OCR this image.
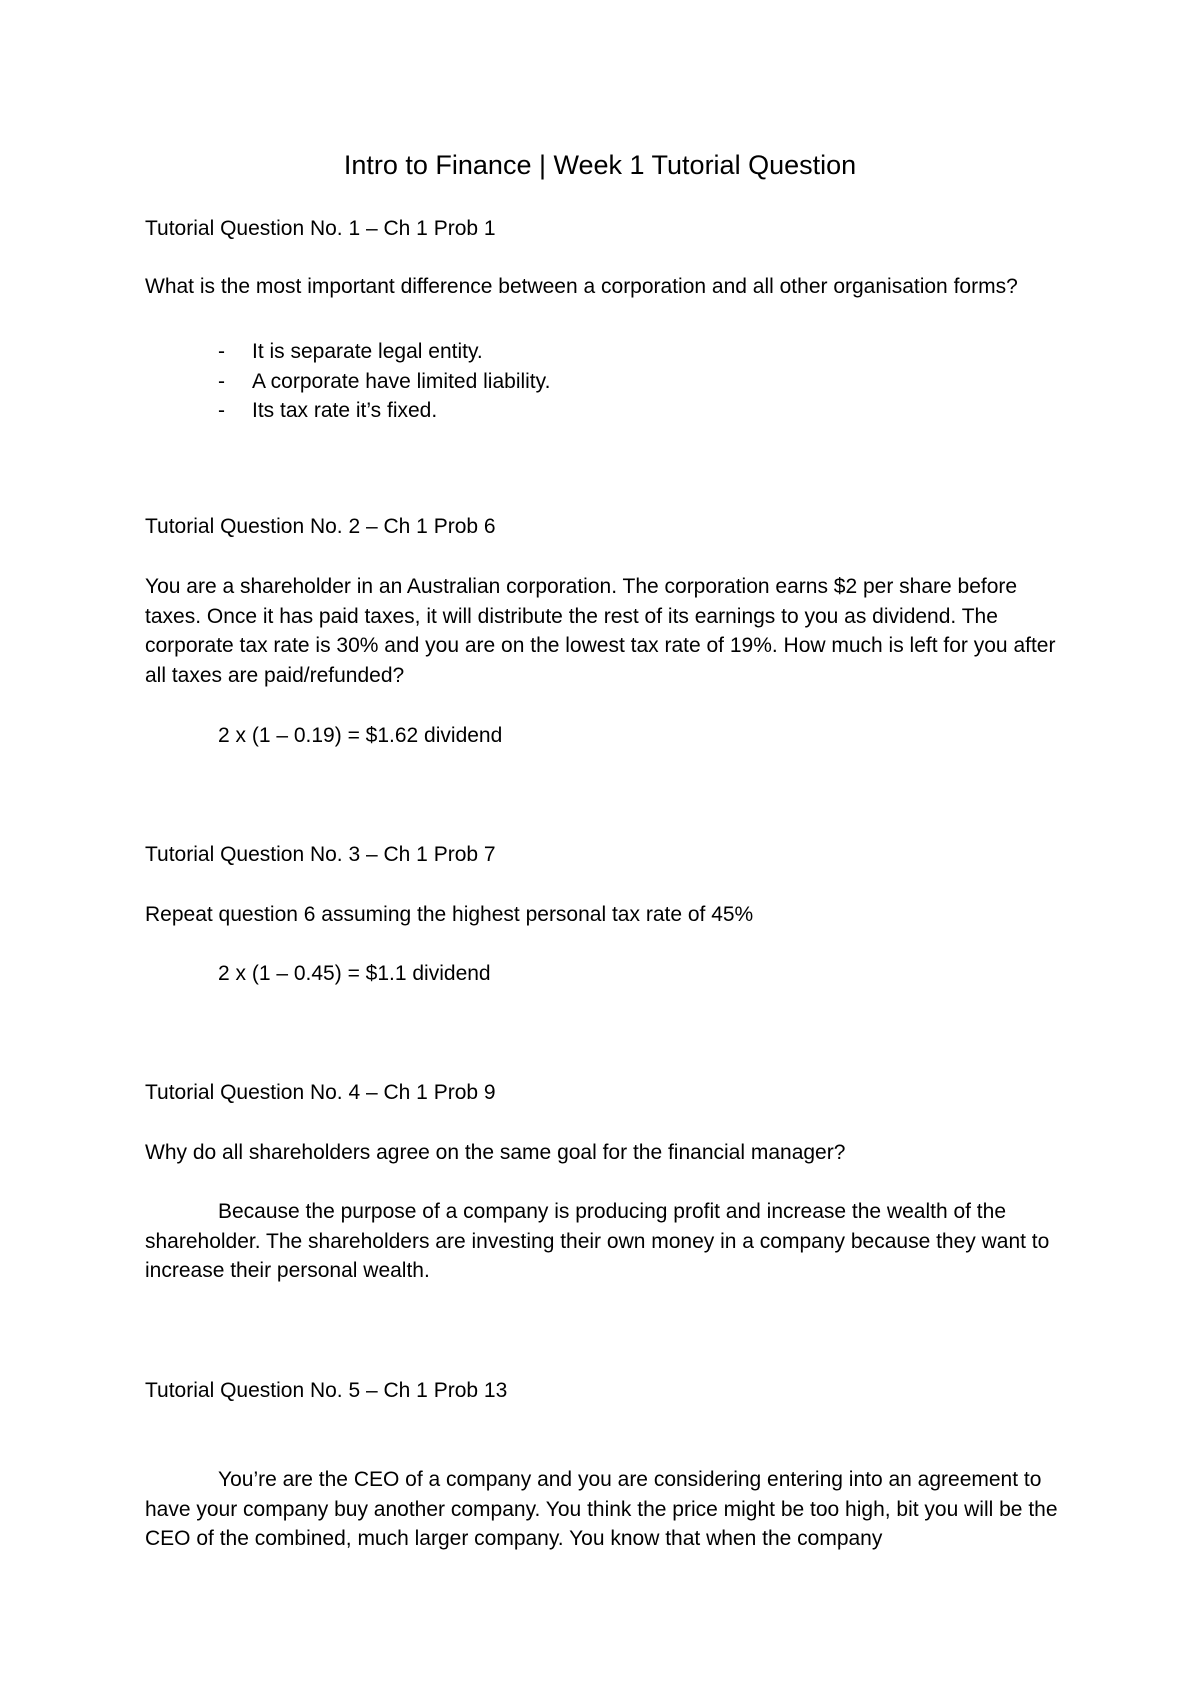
Intro to Finance | Week 1 Tutorial Question

Tutorial Question No. 1 – Ch 1 Prob 1

What is the most important difference between a corporation and all other organisation forms?

- It is separate legal entity.
- A corporate have limited liability.
- Its tax rate it’s fixed.

Tutorial Question No. 2 – Ch 1 Prob 6

You are a shareholder in an Australian corporation. The corporation earns $2 per share before taxes. Once it has paid taxes, it will distribute the rest of its earnings to you as dividend. The corporate tax rate is 30% and you are on the lowest tax rate of 19%. How much is left for you after all taxes are paid/refunded?

2 x (1 – 0.19) = $1.62 dividend

Tutorial Question No. 3 – Ch 1 Prob 7

Repeat question 6 assuming the highest personal tax rate of 45%

2 x (1 – 0.45) = $1.1 dividend

Tutorial Question No. 4 – Ch 1 Prob 9

Why do all shareholders agree on the same goal for the financial manager?

Because the purpose of a company is producing profit and increase the wealth of the shareholder. The shareholders are investing their own money in a company because they want to increase their personal wealth.

Tutorial Question No. 5 – Ch 1 Prob 13

You’re are the CEO of a company and you are considering entering into an agreement to have your company buy another company. You think the price might be too high, bit you will be the CEO of the combined, much larger company. You know that when the company
